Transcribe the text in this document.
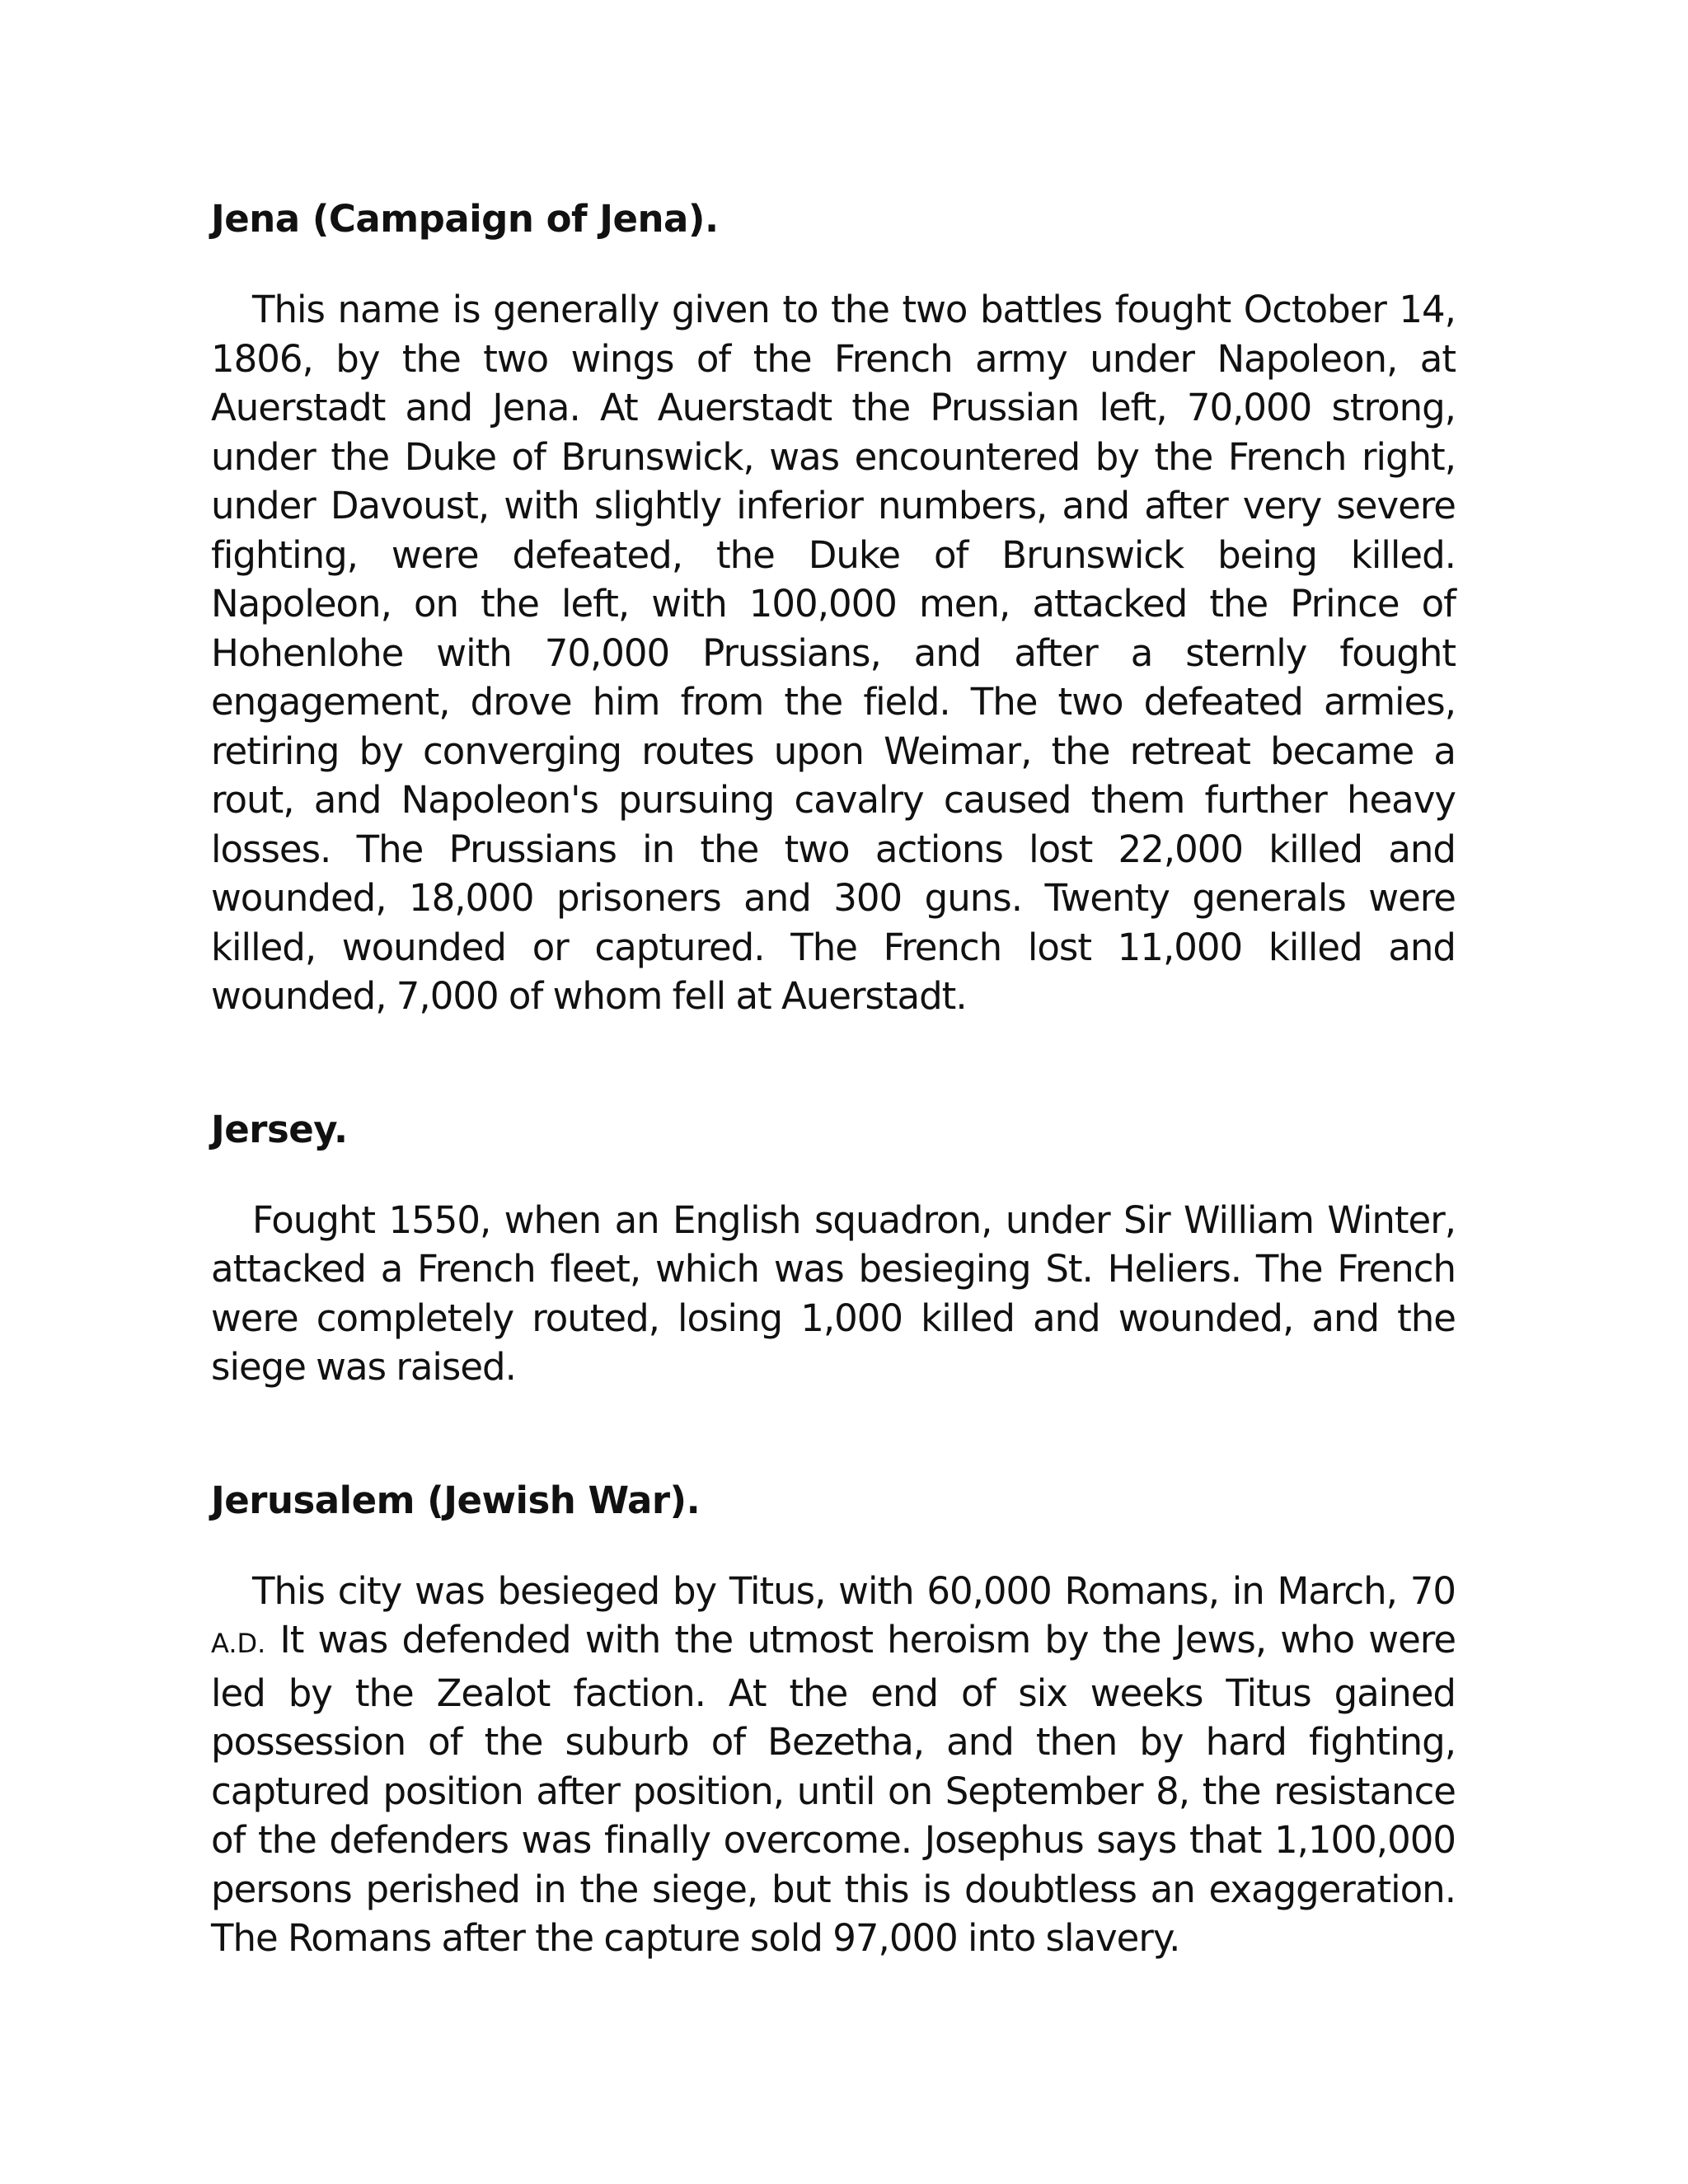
Jena (Campaign of Jena).

This name is generally given to the two battles fought October 14, 1806, by the two wings of the French army under Napoleon, at Auerstadt and Jena. At Auerstadt the Prussian left, 70,000 strong, under the Duke of Brunswick, was encountered by the French right, under Davoust, with slightly inferior numbers, and after very severe fighting, were defeated, the Duke of Brunswick being killed. Napoleon, on the left, with 100,000 men, attacked the Prince of Hohenlohe with 70,000 Prussians, and after a sternly fought engagement, drove him from the field. The two defeated armies, retiring by converging routes upon Weimar, the retreat became a rout, and Napoleon's pursuing cavalry caused them further heavy losses. The Prussians in the two actions lost 22,000 killed and wounded, 18,000 prisoners and 300 guns. Twenty generals were killed, wounded or captured. The French lost 11,000 killed and wounded, 7,000 of whom fell at Auerstadt.

Jersey.

Fought 1550, when an English squadron, under Sir William Winter, attacked a French fleet, which was besieging St. Heliers. The French were completely routed, losing 1,000 killed and wounded, and the siege was raised.

Jerusalem (Jewish War).

This city was besieged by Titus, with 60,000 Romans, in March, 70 A.D. It was defended with the utmost heroism by the Jews, who were led by the Zealot faction. At the end of six weeks Titus gained possession of the suburb of Bezetha, and then by hard fighting, captured position after position, until on September 8, the resistance of the defenders was finally overcome. Josephus says that 1,100,000 persons perished in the siege, but this is doubtless an exaggeration. The Romans after the capture sold 97,000 into slavery.
